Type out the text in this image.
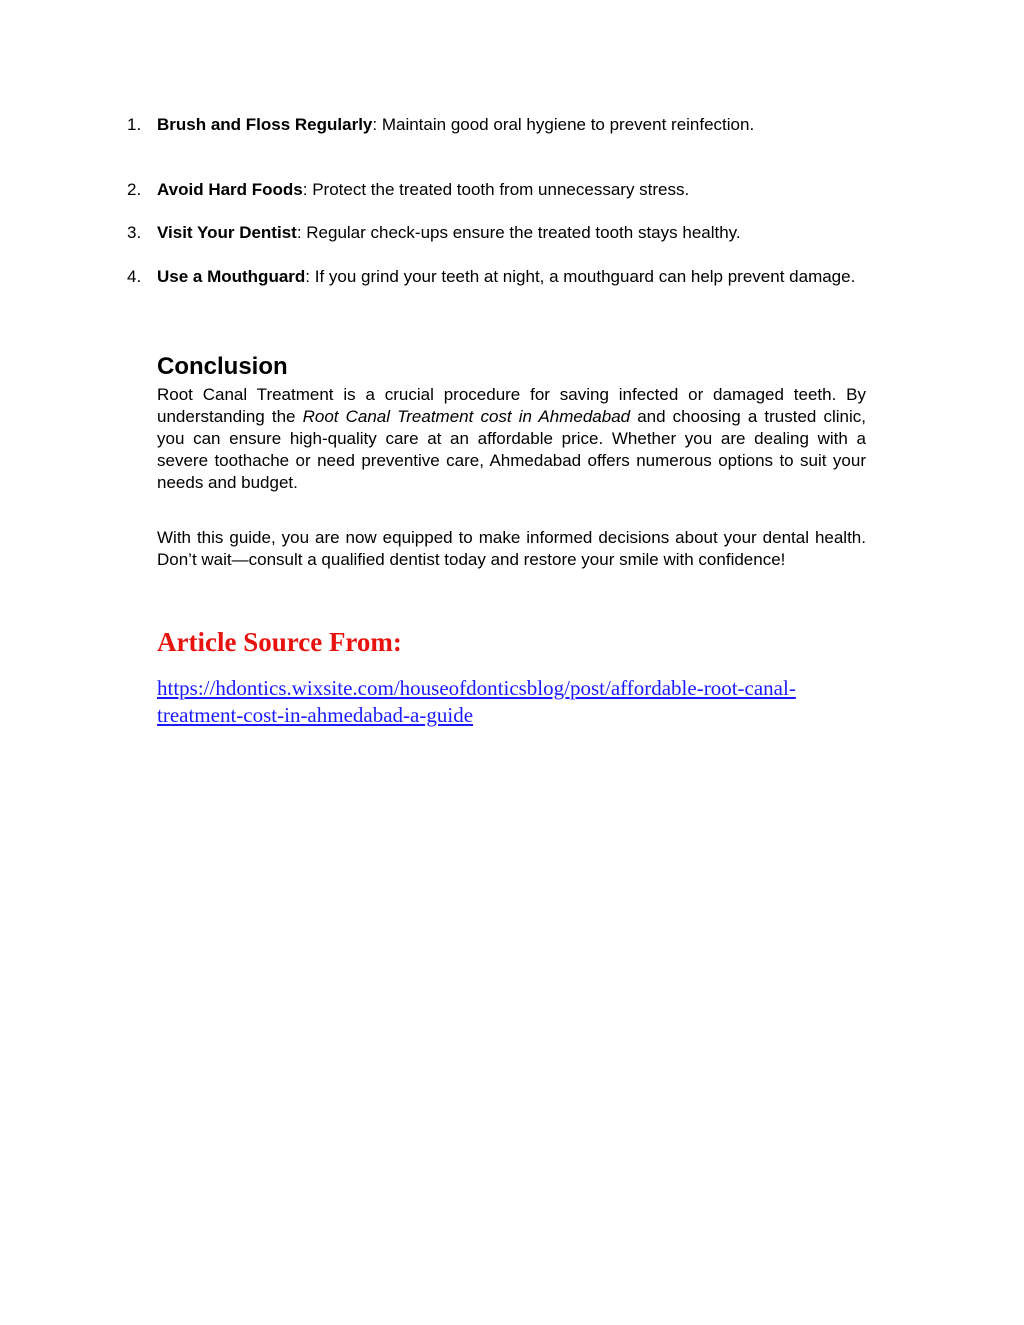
1. Brush and Floss Regularly: Maintain good oral hygiene to prevent reinfection.
2. Avoid Hard Foods: Protect the treated tooth from unnecessary stress.
3. Visit Your Dentist: Regular check-ups ensure the treated tooth stays healthy.
4. Use a Mouthguard: If you grind your teeth at night, a mouthguard can help prevent damage.
Conclusion
Root Canal Treatment is a crucial procedure for saving infected or damaged teeth. By understanding the Root Canal Treatment cost in Ahmedabad and choosing a trusted clinic, you can ensure high-quality care at an affordable price. Whether you are dealing with a severe toothache or need preventive care, Ahmedabad offers numerous options to suit your needs and budget.
With this guide, you are now equipped to make informed decisions about your dental health. Don’t wait—consult a qualified dentist today and restore your smile with confidence!
Article Source From:
https://hdontics.wixsite.com/houseofdonticsblog/post/affordable-root-canal-
treatment-cost-in-ahmedabad-a-guide
